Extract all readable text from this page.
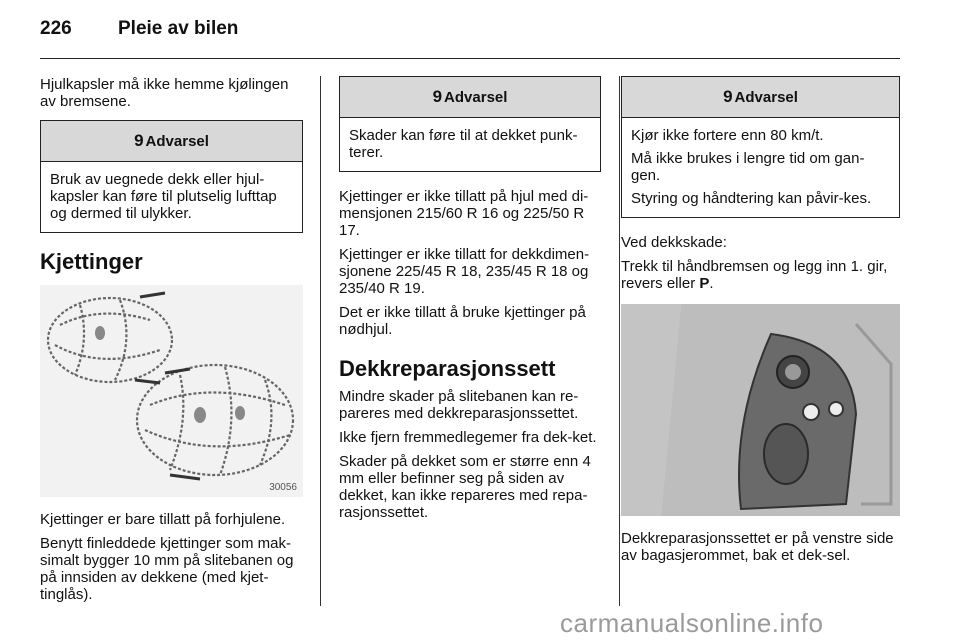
226	Pleie av bilen

Hjulkapsler må ikke hemme kjølingen av bremsene.

9 Advarsel

Bruk av uegnede dekk eller hjul-kapsler kan føre til plutselig lufttap og dermed til ulykker.

Kjettinger
30056

Kjettinger er bare tillatt på forhjulene.

Benytt finleddede kjettinger som mak-simalt bygger 10 mm på slitebanen og på innsiden av dekkene (med kjet-tinglås).

9 Advarsel

Skader kan føre til at dekket punk-terer.

Kjettinger er ikke tillatt på hjul med di-mensjonen 215/60 R 16 og 225/50 R 17.

Kjettinger er ikke tillatt for dekkdimen-sjonene 225/45 R 18, 235/45 R 18 og 235/40 R 19.

Det er ikke tillatt å bruke kjettinger på nødhjul.

Dekkreparasjonssett

Mindre skader på slitebanen kan re-pareres med dekkreparasjonssettet.

Ikke fjern fremmedlegemer fra dek-ket.

Skader på dekket som er større enn 4 mm eller befinner seg på siden av dekket, kan ikke repareres med repa-rasjonssettet.

9 Advarsel

Kjør ikke fortere enn 80 km/t.

Må ikke brukes i lengre tid om gan-gen.

Styring og håndtering kan påvir-kes.

Ved dekkskade:

Trekk til håndbremsen og legg inn 1. gir, revers eller P.

Dekkreparasjonssettet er på venstre side av bagasjerommet, bak et dek-sel.

carmanualsonline.info
